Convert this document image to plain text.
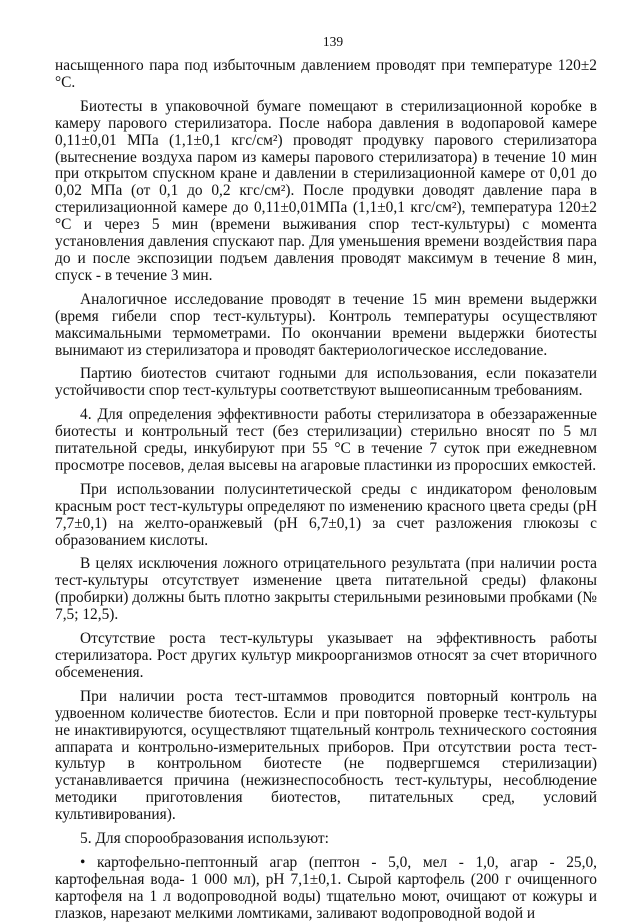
139

насыщенного пара под избыточным давлением проводят при температуре 120±2 °С.

Биотесты в упаковочной бумаге помещают в стерилизационной коробке в камеру парового стерилизатора. После набора давления в водопаровой камере 0,11±0,01 МПа (1,1±0,1 кгс/см²) проводят продувку парового стерилизатора (вытеснение воздуха паром из камеры парового стерилизатора) в течение 10 мин при открытом спускном кране и давлении в стерилизационной камере от 0,01 до 0,02 МПа (от 0,1 до 0,2 кгс/см²). После продувки доводят давление пара в стерилизационной камере до 0,11±0,01МПа (1,1±0,1 кгс/см²), температура 120±2 °С и через 5 мин (времени выживания спор тест-культуры) с момента установления давления спускают пар. Для уменьшения времени воздействия пара до и после экспозиции подъем давления проводят максимум в течение 8 мин, спуск - в течение 3 мин.

Аналогичное исследование проводят в течение 15 мин времени выдержки (время гибели спор тест-культуры). Контроль температуры осуществляют максимальными термометрами. По окончании времени выдержки биотесты вынимают из стерилизатора и проводят бактериологическое исследование.

Партию биотестов считают годными для использования, если показатели устойчивости спор тест-культуры соответствуют вышеописанным требованиям.

4. Для определения эффективности работы стерилизатора в обеззараженные биотесты и контрольный тест (без стерилизации) стерильно вносят по 5 мл питательной среды, инкубируют при 55 °С в течение 7 суток при ежедневном просмотре посевов, делая высевы на агаровые пластинки из проросших емкостей.

При использовании полусинтетической среды с индикатором феноловым красным рост тест-культуры определяют по изменению красного цвета среды (рН 7,7±0,1) на желто-оранжевый (рН 6,7±0,1) за счет разложения глюкозы с образованием кислоты.

В целях исключения ложного отрицательного результата (при наличии роста тест-культуры отсутствует изменение цвета питательной среды) флаконы (пробирки) должны быть плотно закрыты стерильными резиновыми пробками (№ 7,5; 12,5).

Отсутствие роста тест-культуры указывает на эффективность работы стерилизатора. Рост других культур микроорганизмов относят за счет вторичного обсеменения.

При наличии роста тест-штаммов проводится повторный контроль на удвоенном количестве биотестов. Если и при повторной проверке тест-культуры не инактивируются, осуществляют тщательный контроль технического состояния аппарата и контрольно-измерительных приборов. При отсутствии роста тест-культур в контрольном биотесте (не подвергшемся стерилизации) устанавливается причина (нежизнеспособность тест-культуры, несоблюдение методики приготовления биотестов, питательных сред, условий культивирования).

5. Для спорообразования используют:

• картофельно-пептонный агар (пептон - 5,0, мел - 1,0, агар - 25,0, картофельная вода- 1 000 мл), рН 7,1±0,1. Сырой картофель (200 г очищенного картофеля на 1 л водопроводной воды) тщательно моют, очищают от кожуры и глазков, нарезают мелкими ломтиками, заливают водопроводной водой и
